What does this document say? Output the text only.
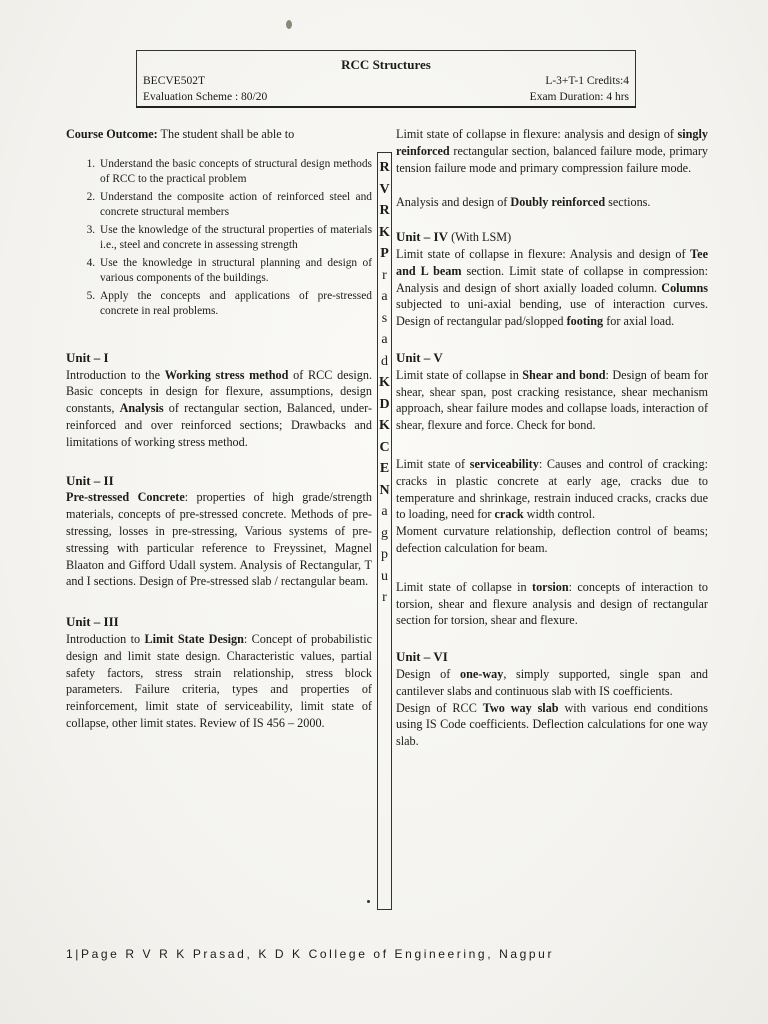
RCC Structures
BECVE502T
Evaluation Scheme : 80/20
L-3+T-1 Credits:4
Exam Duration: 4 hrs
Course Outcome: The student shall be able to
1. Understand the basic concepts of structural design methods of RCC to the practical problem
2. Understand the composite action of reinforced steel and concrete structural members
3. Use the knowledge of the structural properties of materials i.e., steel and concrete in assessing strength
4. Use the knowledge in structural planning and design of various components of the buildings.
5. Apply the concepts and applications of pre-stressed concrete in real problems.
Unit – I

Introduction to the Working stress method of RCC design. Basic concepts in design for flexure, assumptions, design constants, Analysis of rectangular section, Balanced, under-reinforced and over reinforced sections; Drawbacks and limitations of working stress method.

Unit – II

Pre-stressed Concrete: properties of high grade/strength materials, concepts of pre-stressed concrete. Methods of pre-stressing, losses in pre-stressing, Various systems of pre-stressing with particular reference to Freyssinet, Magnel Blaaton and Gifford Udall system. Analysis of Rectangular, T and I sections. Design of Pre-stressed slab / rectangular beam.

Unit – III

Introduction to Limit State Design: Concept of probabilistic design and limit state design. Characteristic values, partial safety factors, stress strain relationship, stress block parameters. Failure criteria, types and properties of reinforcement, limit state of serviceability, limit state of collapse, other limit states. Review of IS 456 – 2000.

R
V
R
K
P
r
a
s
a
d
K
D
K
C
E
N
a
g
p
u
r

Limit state of collapse in flexure: analysis and design of singly reinforced rectangular section, balanced failure mode, primary tension failure mode and primary compression failure mode.

Analysis and design of Doubly reinforced sections.

Unit – IV (With LSM)

Limit state of collapse in flexure: Analysis and design of Tee and L beam section. Limit state of collapse in compression: Analysis and design of short axially loaded column. Columns subjected to uni-axial bending, use of interaction curves. Design of rectangular pad/slopped footing for axial load.

Unit – V

Limit state of collapse in Shear and bond: Design of beam for shear, shear span, post cracking resistance, shear mechanism approach, shear failure modes and collapse loads, interaction of shear, flexure and force. Check for bond.

Limit state of serviceability: Causes and control of cracking: cracks in plastic concrete at early age, cracks due to temperature and shrinkage, restrain induced cracks, cracks due to loading, need for crack width control.

Moment curvature relationship, deflection control of beams; defection calculation for beam.

Limit state of collapse in torsion: concepts of interaction to torsion, shear and flexure analysis and design of rectangular section for torsion, shear and flexure.

Unit – VI

Design of one-way, simply supported, single span and cantilever slabs and continuous slab with IS coefficients.

Design of RCC Two way slab with various end conditions using IS Code coefficients. Deflection calculations for one way slab.

1|Page R V R K Prasad, K D K College of Engineering, Nagpur
